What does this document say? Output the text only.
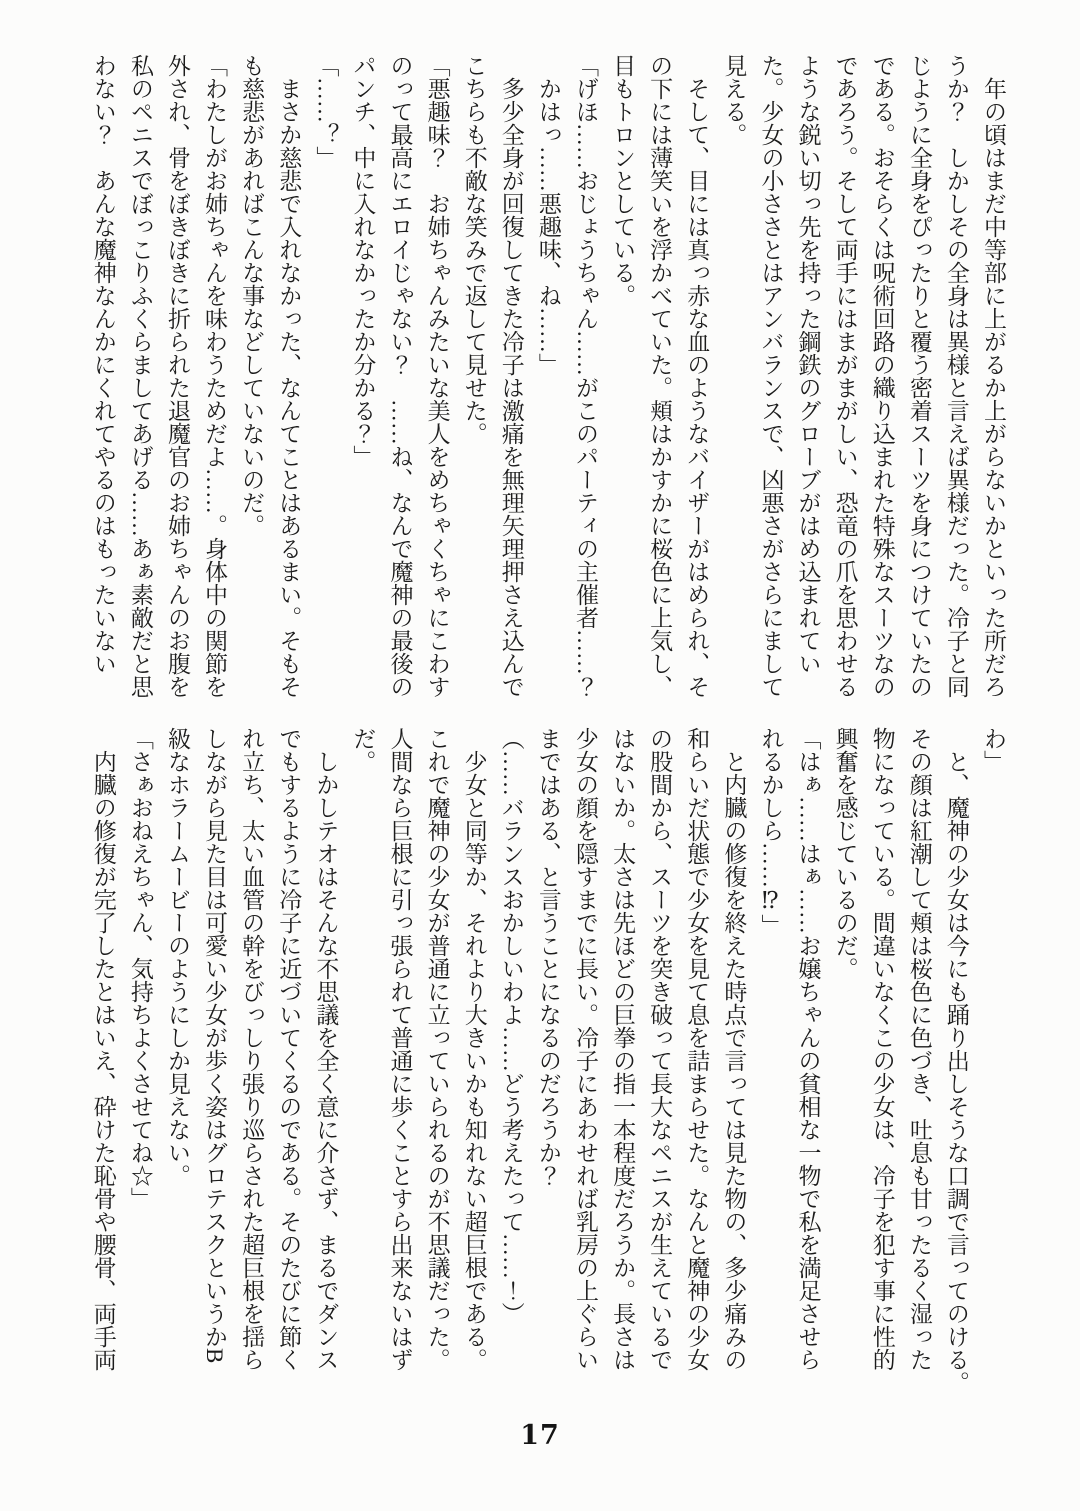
　年の頃はまだ中等部に上がるか上がらないかといった所だろ

うか？　しかしその全身は異様と言えば異様だった。冷子と同

じように全身をぴったりと覆う密着スーツを身につけていたの

である。おそらくは呪術回路の織り込まれた特殊なスーツなの

であろう。そして両手にはまがまがしい、恐竜の爪を思わせる

ような鋭い切っ先を持った鋼鉄のグローブがはめ込まれてい

た。少女の小ささとはアンバランスで、凶悪さがさらにまして

見える。

　そして、目には真っ赤な血のようなバイザーがはめられ、そ

の下には薄笑いを浮かべていた。頬はかすかに桜色に上気し、

目もトロンとしている。

「げほ……おじょうちゃん……がこのパーティの主催者……？

　かはっ……悪趣味、ね……」

　多少全身が回復してきた冷子は激痛を無理矢理押さえ込んで

こちらも不敵な笑みで返して見せた。

「悪趣味？　お姉ちゃんみたいな美人をめちゃくちゃにこわす

のって最高にエロイじゃない？　……ね、なんで魔神の最後の

パンチ、中に入れなかったか分かる？」

「……？」

　まさか慈悲で入れなかった、なんてことはあるまい。そもそ

も慈悲があればこんな事などしていないのだ。

「わたしがお姉ちゃんを味わうためだよ……。身体中の関節を

外され、骨をぼきぼきに折られた退魔官のお姉ちゃんのお腹を

私のペニスでぼっこりふくらましてあげる……あぁ素敵だと思

わない？　あんな魔神なんかにくれてやるのはもったいない

わ」

　と、魔神の少女は今にも踊り出しそうな口調で言ってのける。

その顔は紅潮して頬は桜色に色づき、吐息も甘ったるく湿った

物になっている。間違いなくこの少女は、冷子を犯す事に性的

興奮を感じているのだ。

「はぁ……はぁ……お嬢ちゃんの貧相な一物で私を満足させら

れるかしら……⁉」

　と内臓の修復を終えた時点で言っては見た物の、多少痛みの

和らいだ状態で少女を見て息を詰まらせた。なんと魔神の少女

の股間から、スーツを突き破って長大なペニスが生えているで

はないか。太さは先ほどの巨拳の指一本程度だろうか。長さは

少女の顔を隠すまでに長い。冷子にあわせれば乳房の上ぐらい

まではある、と言うことになるのだろうか？

（……バランスおかしいわよ……どう考えたって……！）

　少女と同等か、それより大きいかも知れない超巨根である。

これで魔神の少女が普通に立っていられるのが不思議だった。

人間なら巨根に引っ張られて普通に歩くことすら出来ないはず

だ。

　しかしテオはそんな不思議を全く意に介さず、まるでダンス

でもするように冷子に近づいてくるのである。そのたびに節く

れ立ち、太い血管の幹をびっしり張り巡らされた超巨根を揺ら

しながら見た目は可愛い少女が歩く姿はグロテスクというかB

級なホラームービーのようにしか見えない。

「さぁおねえちゃん、気持ちよくさせてね☆」

　内臓の修復が完了したとはいえ、砕けた恥骨や腰骨、両手両

17
